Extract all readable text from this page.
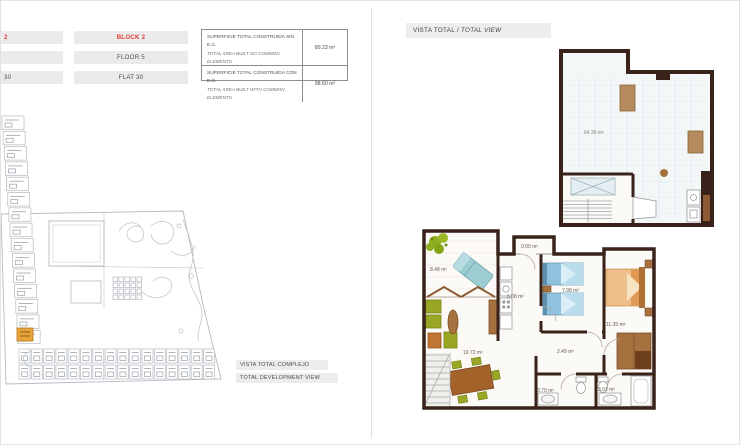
2
30
BLOCK 2
FLOOR 5
FLAT 30
SUPERFICIE TOTAL CONSTRUIDA SIN E.C.
TOTAL AREA BUILT NO COMMON ELEMENTS
80.23 m²
SUPERFICIE TOTAL CONSTRUIDA CON E.C.
TOTAL AREA BUILT WITH COMMON ELEMENTS
98.60 m²
VISTA TOTAL COMPLEJO
TOTAL DEVELOPMENT VIEW
VISTA TOTAL /
TOTAL VIEW
64.36 m²
8.48 m²
0.90 m²
5.08 m²
7.98 m²
11.35 m²
19.72 m²	2.49 m²
3.70 m²	3.91 m²
